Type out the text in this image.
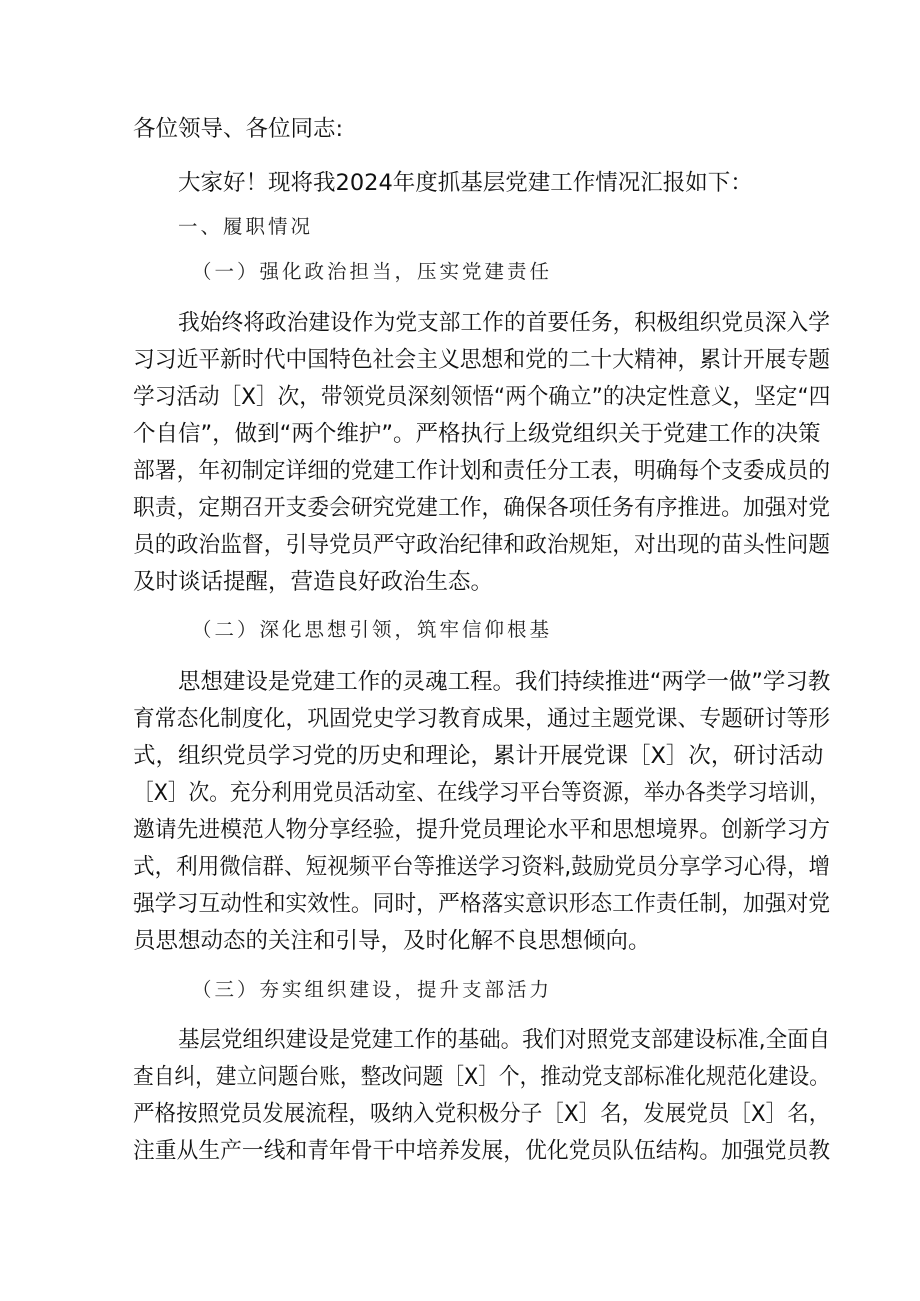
各位领导、各位同志:
大家好！现将我2024年度抓基层党建工作情况汇报如下：
一、履职情况
（一）强化政治担当，压实党建责任
我始终将政治建设作为党支部工作的首要任务，积极组织党员深入学
习习近平新时代中国特色社会主义思想和党的二十大精神，累计开展专题
学习活动［X］次，带领党员深刻领悟“两个确立”的决定性意义，坚定“四
个自信”，做到“两个维护”。严格执行上级党组织关于党建工作的决策
部署，年初制定详细的党建工作计划和责任分工表，明确每个支委成员的
职责，定期召开支委会研究党建工作，确保各项任务有序推进。加强对党
员的政治监督，引导党员严守政治纪律和政治规矩，对出现的苗头性问题
及时谈话提醒，营造良好政治生态。
（二）深化思想引领，筑牢信仰根基
思想建设是党建工作的灵魂工程。我们持续推进“两学一做”学习教
育常态化制度化，巩固党史学习教育成果，通过主题党课、专题研讨等形
式，组织党员学习党的历史和理论，累计开展党课［X］次，研讨活动
［X］次。充分利用党员活动室、在线学习平台等资源，举办各类学习培训，
邀请先进模范人物分享经验，提升党员理论水平和思想境界。创新学习方
式，利用微信群、短视频平台等推送学习资料,鼓励党员分享学习心得，增
强学习互动性和实效性。同时，严格落实意识形态工作责任制，加强对党
员思想动态的关注和引导，及时化解不良思想倾向。
（三）夯实组织建设，提升支部活力
基层党组织建设是党建工作的基础。我们对照党支部建设标准,全面自
查自纠，建立问题台账，整改问题［X］个，推动党支部标准化规范化建设。
严格按照党员发展流程，吸纳入党积极分子［X］名，发展党员［X］名，
注重从生产一线和青年骨干中培养发展，优化党员队伍结构。加强党员教
